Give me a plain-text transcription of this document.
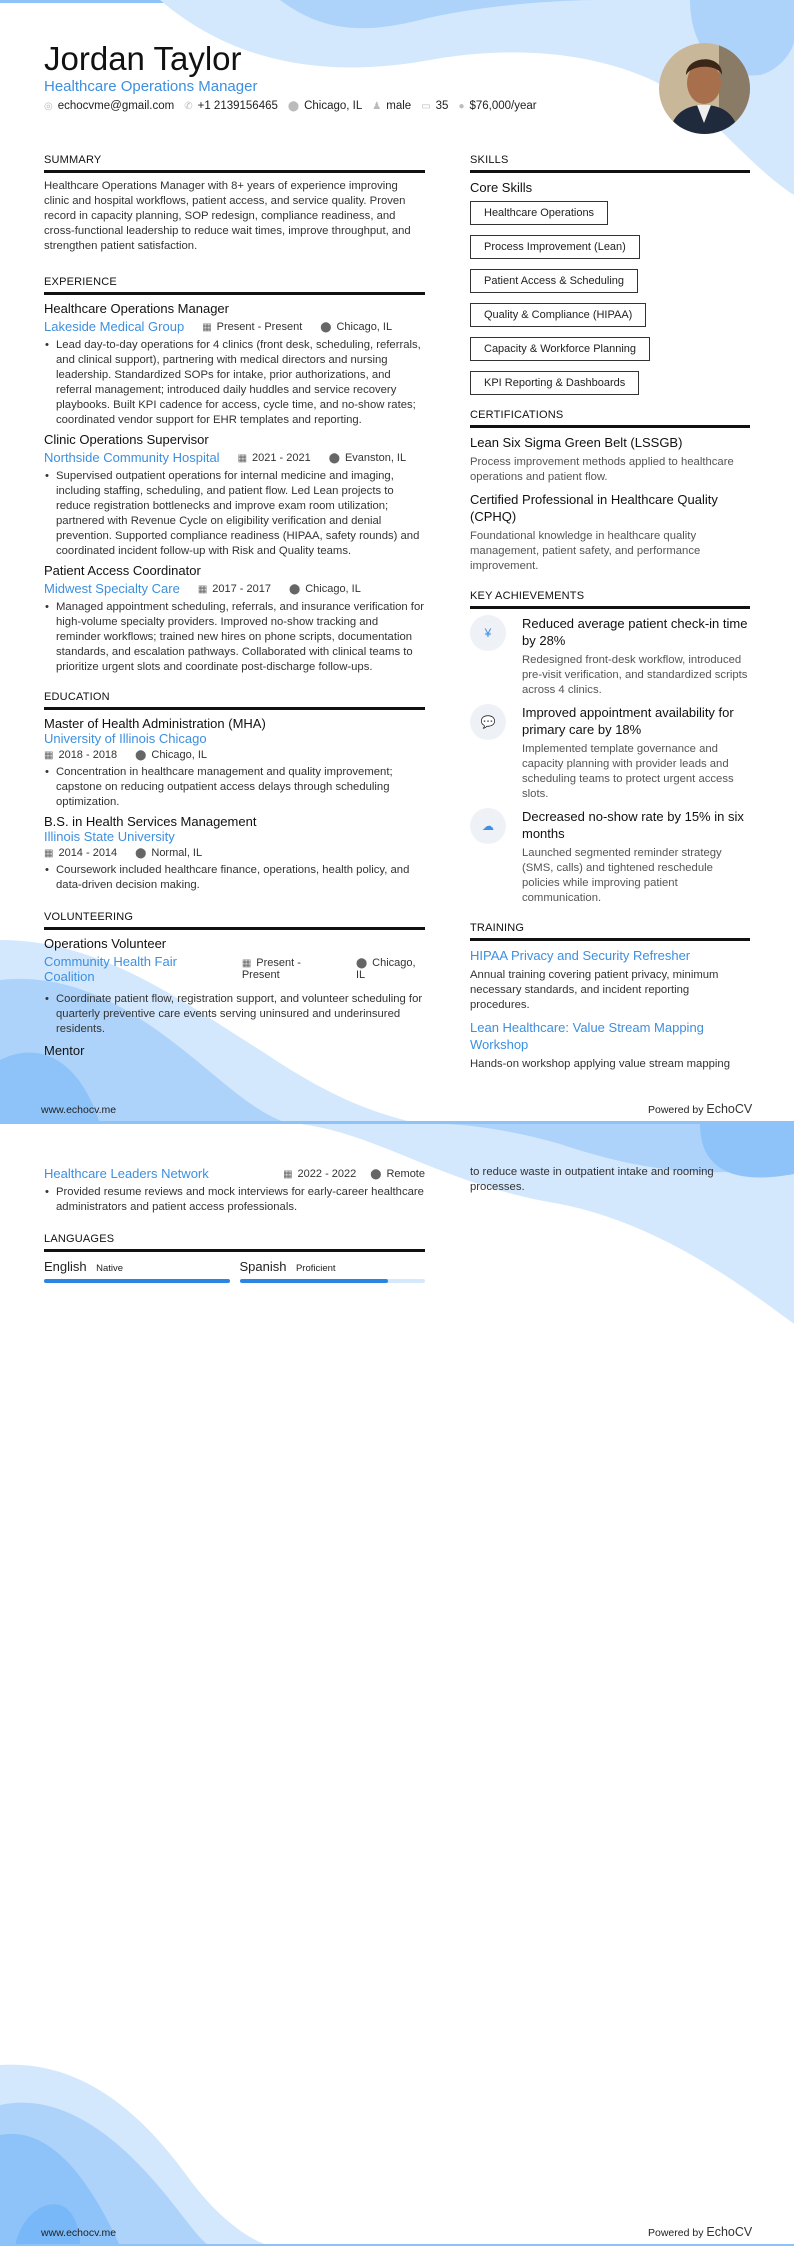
Jordan Taylor
Healthcare Operations Manager
◎ echocvme@gmail.com ✆ +1 2139156465 ⬤ Chicago, IL ♟ male ▭ 35 ● $76,000/year
SUMMARY
Healthcare Operations Manager with 8+ years of experience improving clinic and hospital workflows, patient access, and service quality. Proven record in capacity planning, SOP redesign, compliance readiness, and cross-functional leadership to reduce wait times, improve throughput, and strengthen patient satisfaction.
EXPERIENCE
Healthcare Operations Manager
Lakeside Medical Group ▦ Present - Present ⬤ Chicago, IL
• Lead day-to-day operations for 4 clinics (front desk, scheduling, referrals, and clinical support), partnering with medical directors and nursing leadership. Standardized SOPs for intake, prior authorizations, and referral management; introduced daily huddles and service recovery playbooks. Built KPI cadence for access, cycle time, and no-show rates; coordinated vendor support for EHR templates and reporting.
Clinic Operations Supervisor
Northside Community Hospital ▦ 2021 - 2021 ⬤ Evanston, IL
• Supervised outpatient operations for internal medicine and imaging, including staffing, scheduling, and patient flow. Led Lean projects to reduce registration bottlenecks and improve exam room utilization; partnered with Revenue Cycle on eligibility verification and denial prevention. Supported compliance readiness (HIPAA, safety rounds) and coordinated incident follow-up with Risk and Quality teams.
Patient Access Coordinator
Midwest Specialty Care ▦ 2017 - 2017 ⬤ Chicago, IL
• Managed appointment scheduling, referrals, and insurance verification for high-volume specialty providers. Improved no-show tracking and reminder workflows; trained new hires on phone scripts, documentation standards, and escalation pathways. Collaborated with clinical teams to prioritize urgent slots and coordinate post-discharge follow-ups.
EDUCATION
Master of Health Administration (MHA)
University of Illinois Chicago
▦ 2018 - 2018 ⬤ Chicago, IL
• Concentration in healthcare management and quality improvement; capstone on reducing outpatient access delays through scheduling optimization.
B.S. in Health Services Management
Illinois State University
▦ 2014 - 2014 ⬤ Normal, IL
• Coursework included healthcare finance, operations, health policy, and data-driven decision making.
VOLUNTEERING
Operations Volunteer
Community Health Fair Coalition
▦ Present - Present
⬤ Chicago, IL
• Coordinate patient flow, registration support, and volunteer scheduling for quarterly preventive care events serving uninsured and underinsured residents.
Mentor
SKILLS
Core Skills
Healthcare Operations
Process Improvement (Lean)
Patient Access & Scheduling
Quality & Compliance (HIPAA)
Capacity & Workforce Planning
KPI Reporting & Dashboards
CERTIFICATIONS
Lean Six Sigma Green Belt (LSSGB)
Process improvement methods applied to healthcare operations and patient flow.
Certified Professional in Healthcare Quality (CPHQ)
Foundational knowledge in healthcare quality management, patient safety, and performance improvement.
KEY ACHIEVEMENTS
¥
Reduced average patient check-in time by 28%
Redesigned front-desk workflow, introduced pre-visit verification, and standardized scripts across 4 clinics.
💬
Improved appointment availability for primary care by 18%
Implemented template governance and capacity planning with provider leads and scheduling teams to protect urgent access slots.
☁
Decreased no-show rate by 15% in six months
Launched segmented reminder strategy (SMS, calls) and tightened reschedule policies while improving patient communication.
TRAINING
HIPAA Privacy and Security Refresher
Annual training covering patient privacy, minimum necessary standards, and incident reporting procedures.
Lean Healthcare: Value Stream Mapping Workshop
Hands-on workshop applying value stream mapping
www.echocv.me	Powered by EchoCV
Healthcare Leaders Network	▦ 2022 - 2022 ⬤ Remote
• Provided resume reviews and mock interviews for early-career healthcare administrators and patient access professionals.
LANGUAGES
English Native	Spanish Proficient
to reduce waste in outpatient intake and rooming processes.
www.echocv.me	Powered by EchoCV
